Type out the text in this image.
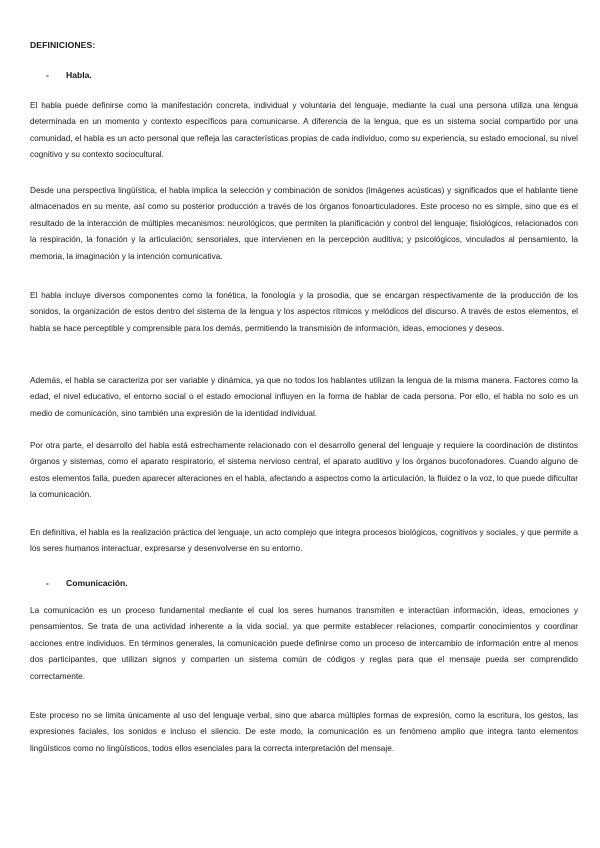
DEFINICIONES:
- Habla.

El habla puede definirse como la manifestación concreta, individual y voluntaria del lenguaje, mediante la cual una persona utiliza una lengua determinada en un momento y contexto específicos para comunicarse. A diferencia de la lengua, que es un sistema social compartido por una comunidad, el habla es un acto personal que refleja las características propias de cada individuo, como su experiencia, su estado emocional, su nivel cognitivo y su contexto sociocultural.

Desde una perspectiva lingüística, el habla implica la selección y combinación de sonidos (imágenes acústicas) y significados que el hablante tiene almacenados en su mente, así como su posterior producción a través de los órganos fonoarticuladores. Este proceso no es simple, sino que es el resultado de la interacción de múltiples mecanismos: neurológicos, que permiten la planificación y control del lenguaje; fisiológicos, relacionados con la respiración, la fonación y la articulación; sensoriales, que intervienen en la percepción auditiva; y psicológicos, vinculados al pensamiento, la memoria, la imaginación y la intención comunicativa.

El habla incluye diversos componentes como la fonética, la fonología y la prosodia, que se encargan respectivamente de la producción de los sonidos, la organización de estos dentro del sistema de la lengua y los aspectos rítmicos y melódicos del discurso. A través de estos elementos, el habla se hace perceptible y comprensible para los demás, permitiendo la transmisión de información, ideas, emociones y deseos.

Además, el habla se caracteriza por ser variable y dinámica, ya que no todos los hablantes utilizan la lengua de la misma manera. Factores como la edad, el nivel educativo, el entorno social o el estado emocional influyen en la forma de hablar de cada persona. Por ello, el habla no solo es un medio de comunicación, sino también una expresión de la identidad individual.

Por otra parte, el desarrollo del habla está estrechamente relacionado con el desarrollo general del lenguaje y requiere la coordinación de distintos órganos y sistemas, como el aparato respiratorio, el sistema nervioso central, el aparato auditivo y los órganos bucofonadores. Cuando alguno de estos elementos falla, pueden aparecer alteraciones en el habla, afectando a aspectos como la articulación, la fluidez o la voz, lo que puede dificultar la comunicación.

En definitiva, el habla es la realización práctica del lenguaje, un acto complejo que integra procesos biológicos, cognitivos y sociales, y que permite a los seres humanos interactuar, expresarse y desenvolverse en su entorno.

- Comunicación.

La comunicación es un proceso fundamental mediante el cual los seres humanos transmiten e interactúan información, ideas, emociones y pensamientos. Se trata de una actividad inherente a la vida social, ya que permite establecer relaciones, compartir conocimientos y coordinar acciones entre individuos. En términos generales, la comunicación puede definirse como un proceso de intercambio de información entre al menos dos participantes, que utilizan signos y comparten un sistema común de códigos y reglas para que el mensaje pueda ser comprendido correctamente.

Este proceso no se limita únicamente al uso del lenguaje verbal, sino que abarca múltiples formas de expresión, como la escritura, los gestos, las expresiones faciales, los sonidos e incluso el silencio. De este modo, la comunicación es un fenómeno amplio que integra tanto elementos lingüísticos como no lingüísticos, todos ellos esenciales para la correcta interpretación del mensaje.
